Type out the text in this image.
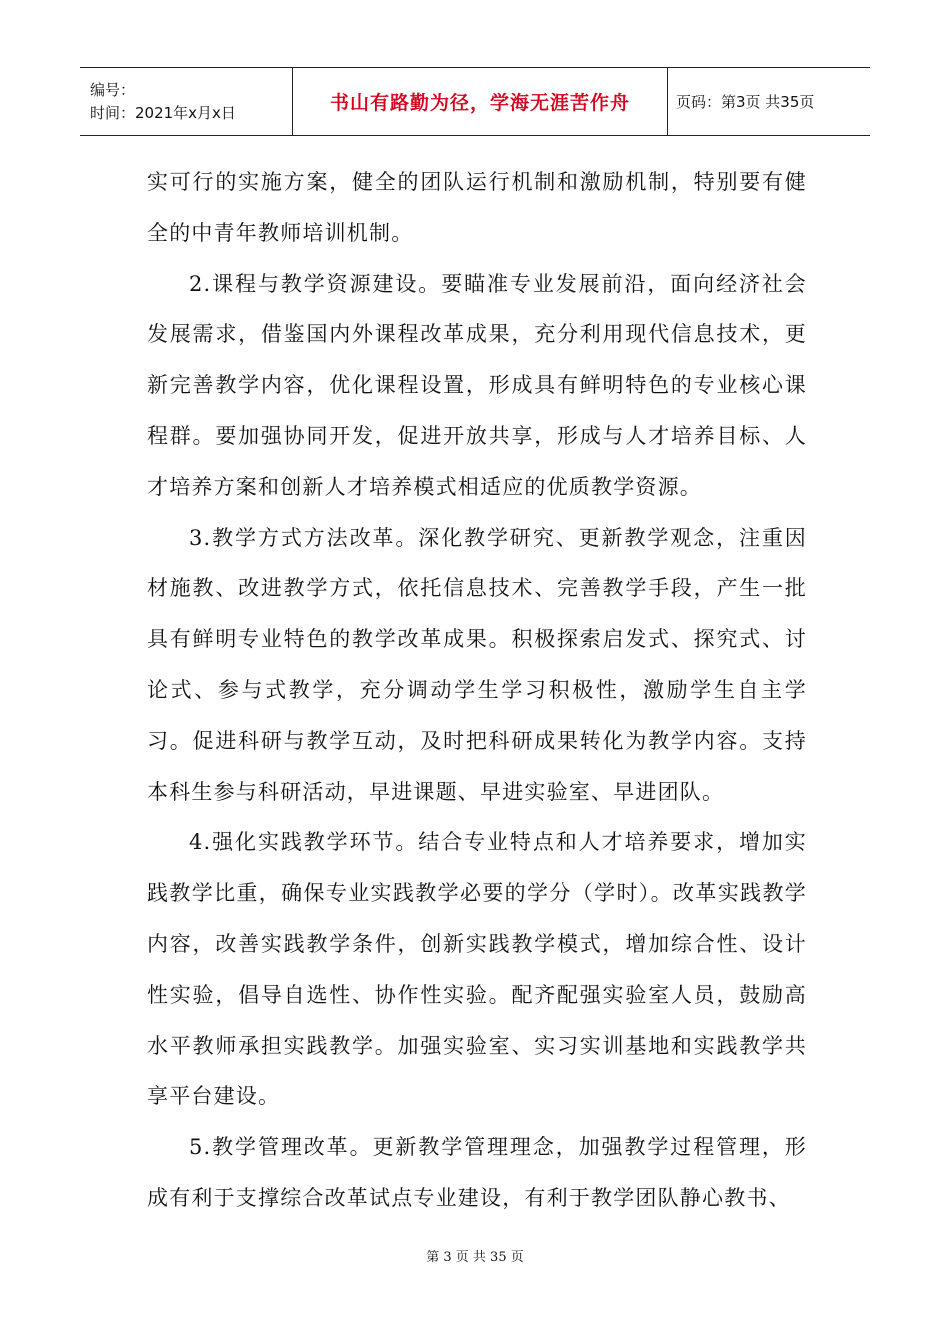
编号：
时间：2021年x月x日	书山有路勤为径，学海无涯苦作舟	页码：第3页 共35页

实可行的实施方案，健全的团队运行机制和激励机制，特别要有健全的中青年教师培训机制。

2.课程与教学资源建设。要瞄准专业发展前沿，面向经济社会发展需求，借鉴国内外课程改革成果，充分利用现代信息技术，更新完善教学内容，优化课程设置，形成具有鲜明特色的专业核心课程群。要加强协同开发，促进开放共享，形成与人才培养目标、人才培养方案和创新人才培养模式相适应的优质教学资源。

3.教学方式方法改革。深化教学研究、更新教学观念，注重因材施教、改进教学方式，依托信息技术、完善教学手段，产生一批具有鲜明专业特色的教学改革成果。积极探索启发式、探究式、讨论式、参与式教学，充分调动学生学习积极性，激励学生自主学习。促进科研与教学互动，及时把科研成果转化为教学内容。支持本科生参与科研活动，早进课题、早进实验室、早进团队。

4.强化实践教学环节。结合专业特点和人才培养要求，增加实践教学比重，确保专业实践教学必要的学分（学时）。改革实践教学内容，改善实践教学条件，创新实践教学模式，增加综合性、设计性实验，倡导自选性、协作性实验。配齐配强实验室人员，鼓励高水平教师承担实践教学。加强实验室、实习实训基地和实践教学共享平台建设。

5.教学管理改革。更新教学管理理念，加强教学过程管理，形成有利于支撑综合改革试点专业建设，有利于教学团队静心教书、

第 3 页 共 35 页
